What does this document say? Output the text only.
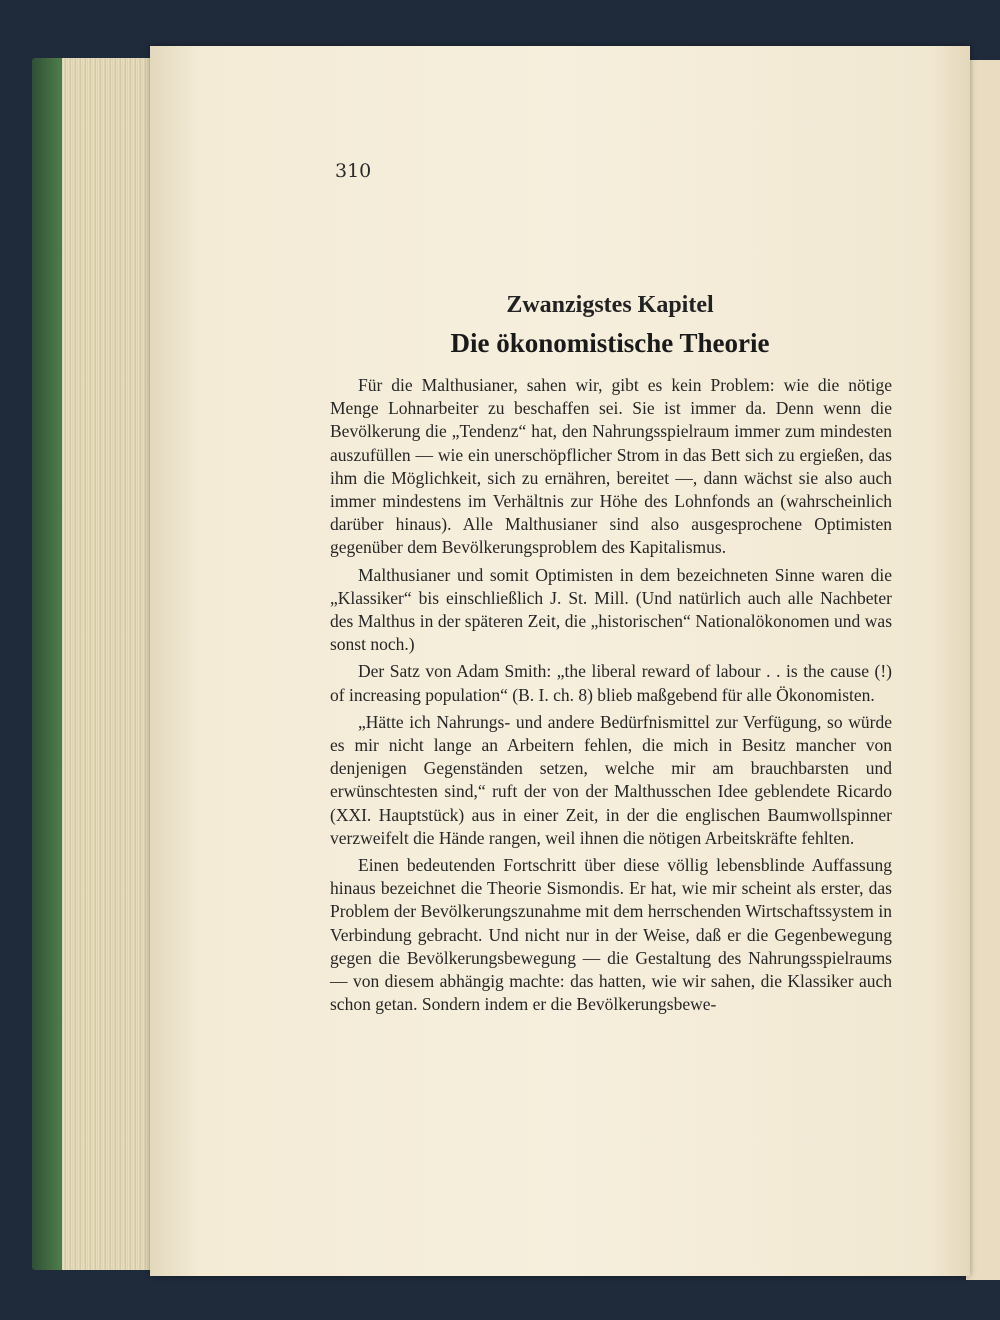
310

Zwanzigstes Kapitel
Die ökonomistische Theorie

Für die Malthusianer, sahen wir, gibt es kein Problem: wie die nötige Menge Lohnarbeiter zu beschaffen sei. Sie ist immer da. Denn wenn die Bevölkerung die „Tendenz“ hat, den Nahrungsspielraum immer zum mindesten auszufüllen — wie ein unerschöpflicher Strom in das Bett sich zu ergießen, das ihm die Möglichkeit, sich zu ernähren, bereitet —, dann wächst sie also auch immer mindestens im Verhältnis zur Höhe des Lohnfonds an (wahrscheinlich darüber hinaus). Alle Malthusianer sind also ausgesprochene Optimisten gegenüber dem Bevölkerungsproblem des Kapitalismus.

Malthusianer und somit Optimisten in dem bezeichneten Sinne waren die „Klassiker“ bis einschließlich J. St. Mill. (Und natürlich auch alle Nachbeter des Malthus in der späteren Zeit, die „historischen“ Nationalökonomen und was sonst noch.)

Der Satz von Adam Smith: „the liberal reward of labour . . is the cause (!) of increasing population“ (B. I. ch. 8) blieb maßgebend für alle Ökonomisten.

„Hätte ich Nahrungs- und andere Bedürfnismittel zur Verfügung, so würde es mir nicht lange an Arbeitern fehlen, die mich in Besitz mancher von denjenigen Gegenständen setzen, welche mir am brauchbarsten und erwünschtesten sind,“ ruft der von der Malthusschen Idee geblendete Ricardo (XXI. Hauptstück) aus in einer Zeit, in der die englischen Baumwollspinner verzweifelt die Hände rangen, weil ihnen die nötigen Arbeitskräfte fehlten.

Einen bedeutenden Fortschritt über diese völlig lebensblinde Auffassung hinaus bezeichnet die Theorie Sismondis. Er hat, wie mir scheint als erster, das Problem der Bevölkerungszunahme mit dem herrschenden Wirtschaftssystem in Verbindung gebracht. Und nicht nur in der Weise, daß er die Gegenbewegung gegen die Bevölkerungsbewegung — die Gestaltung des Nahrungsspielraums — von diesem abhängig machte: das hatten, wie wir sahen, die Klassiker auch schon getan. Sondern indem er die Bevölkerungsbewe-
